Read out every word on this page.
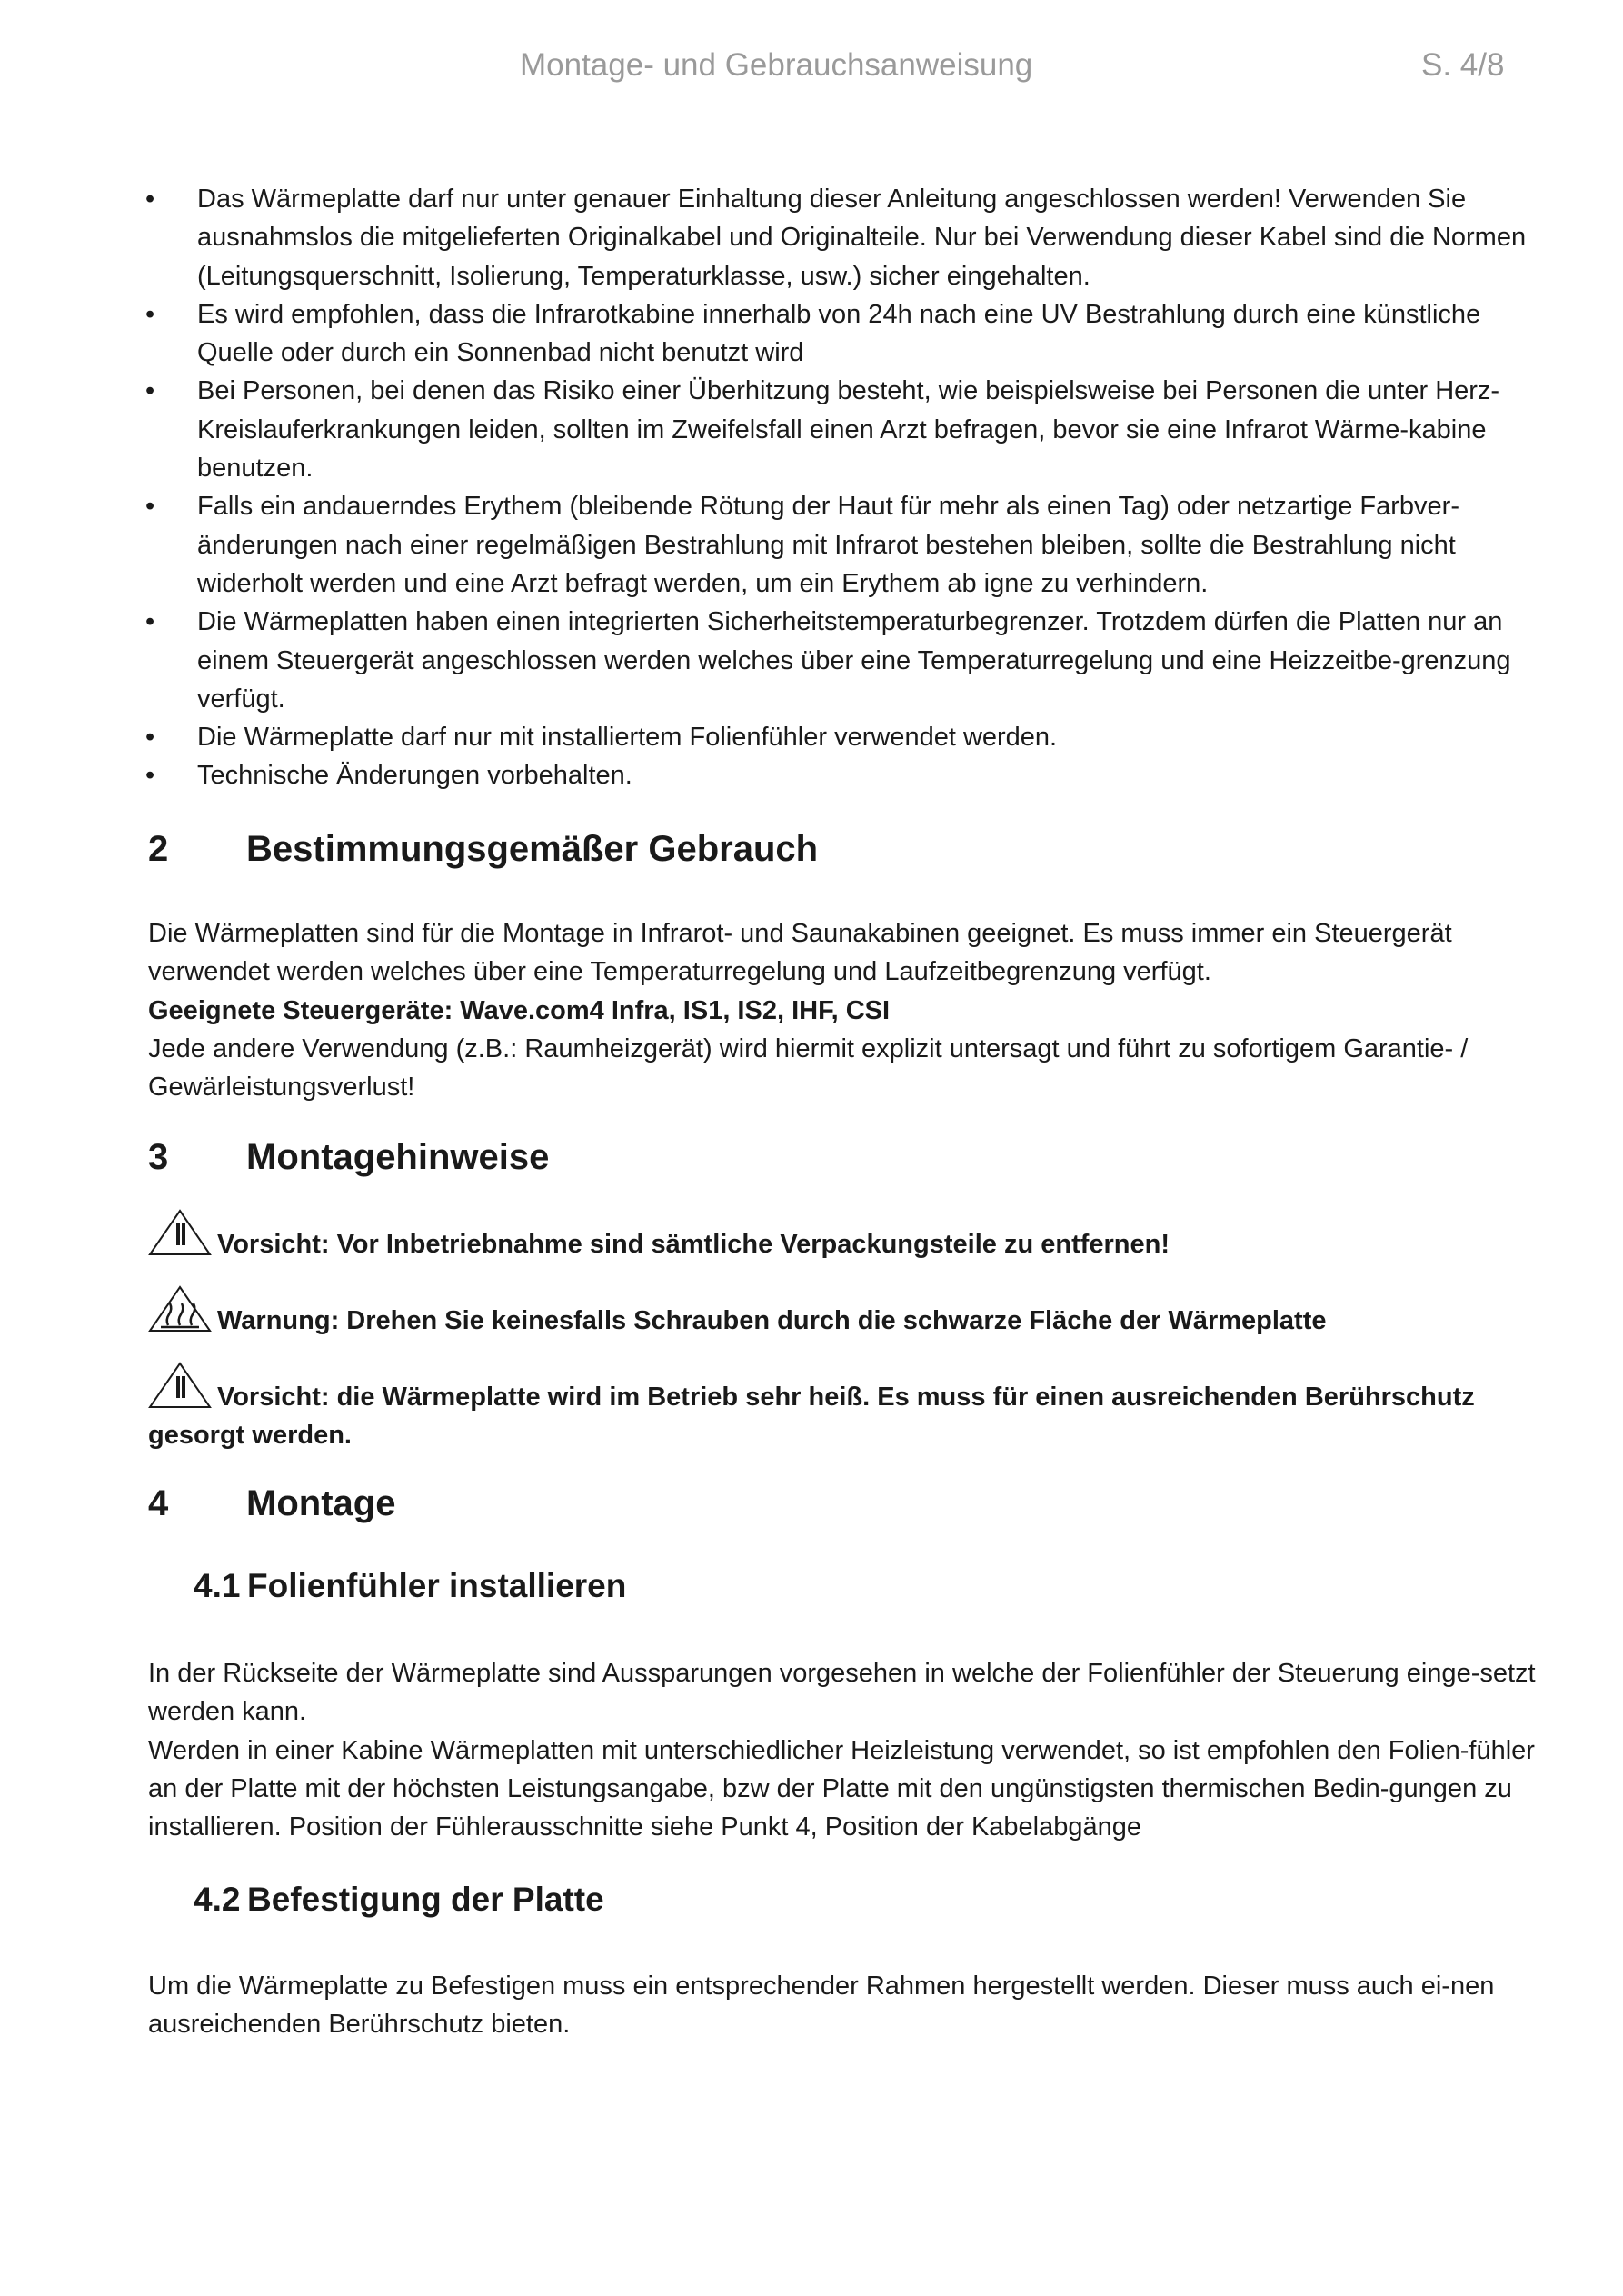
Montage- und Gebrauchsanweisung	S. 4/8
• Das Wärmeplatte darf nur unter genauer Einhaltung dieser Anleitung angeschlossen werden! Verwenden Sie ausnahmslos die mitgelieferten Originalkabel und Originalteile. Nur bei Verwendung dieser Kabel sind die Normen (Leitungsquerschnitt, Isolierung, Temperaturklasse, usw.) sicher eingehalten.
• Es wird empfohlen, dass die Infrarotkabine innerhalb von 24h nach eine UV Bestrahlung durch eine künstliche Quelle oder durch ein Sonnenbad nicht benutzt wird
• Bei Personen, bei denen das Risiko einer Überhitzung besteht, wie beispielsweise bei Personen die unter Herz-Kreislauferkrankungen leiden, sollten im Zweifelsfall einen Arzt befragen, bevor sie eine Infrarot Wärme-kabine benutzen.
• Falls ein andauerndes Erythem (bleibende Rötung der Haut für mehr als einen Tag) oder netzartige Farbver-änderungen nach einer regelmäßigen Bestrahlung mit Infrarot bestehen bleiben, sollte die Bestrahlung nicht widerholt werden und eine Arzt befragt werden, um ein Erythem ab igne zu verhindern.
• Die Wärmeplatten haben einen integrierten Sicherheitstemperaturbegrenzer. Trotzdem dürfen die Platten nur an einem Steuergerät angeschlossen werden welches über eine Temperaturregelung und eine Heizzeitbe-grenzung verfügt.
• Die Wärmeplatte darf nur mit installiertem Folienfühler verwendet werden.
• Technische Änderungen vorbehalten.
2 Bestimmungsgemäßer Gebrauch

Die Wärmeplatten sind für die Montage in Infrarot- und Saunakabinen geeignet. Es muss immer ein Steuergerät verwendet werden welches über eine Temperaturregelung und Laufzeitbegrenzung verfügt.

Geeignete Steuergeräte: Wave.com4 Infra, IS1, IS2, IHF, CSI

Jede andere Verwendung (z.B.: Raumheizgerät) wird hiermit explizit untersagt und führt zu sofortigem Garantie- / Gewärleistungsverlust!

3 Montagehinweise
Vorsicht: Vor Inbetriebnahme sind sämtliche Verpackungsteile zu entfernen!
Warnung: Drehen Sie keinesfalls Schrauben durch die schwarze Fläche der Wärmeplatte
Vorsicht: die Wärmeplatte wird im Betrieb sehr heiß. Es muss für einen ausreichenden Berührschutz gesorgt werden.
4 Montage
4.1 Folienfühler installieren

In der Rückseite der Wärmeplatte sind Aussparungen vorgesehen in welche der Folienfühler der Steuerung einge-setzt werden kann.

Werden in einer Kabine Wärmeplatten mit unterschiedlicher Heizleistung verwendet, so ist empfohlen den Folien-fühler an der Platte mit der höchsten Leistungsangabe, bzw der Platte mit den ungünstigsten thermischen Bedin-gungen zu installieren. Position der Fühlerausschnitte siehe Punkt 4, Position der Kabelabgänge

4.2 Befestigung der Platte

Um die Wärmeplatte zu Befestigen muss ein entsprechender Rahmen hergestellt werden. Dieser muss auch ei-nen ausreichenden Berührschutz bieten.
